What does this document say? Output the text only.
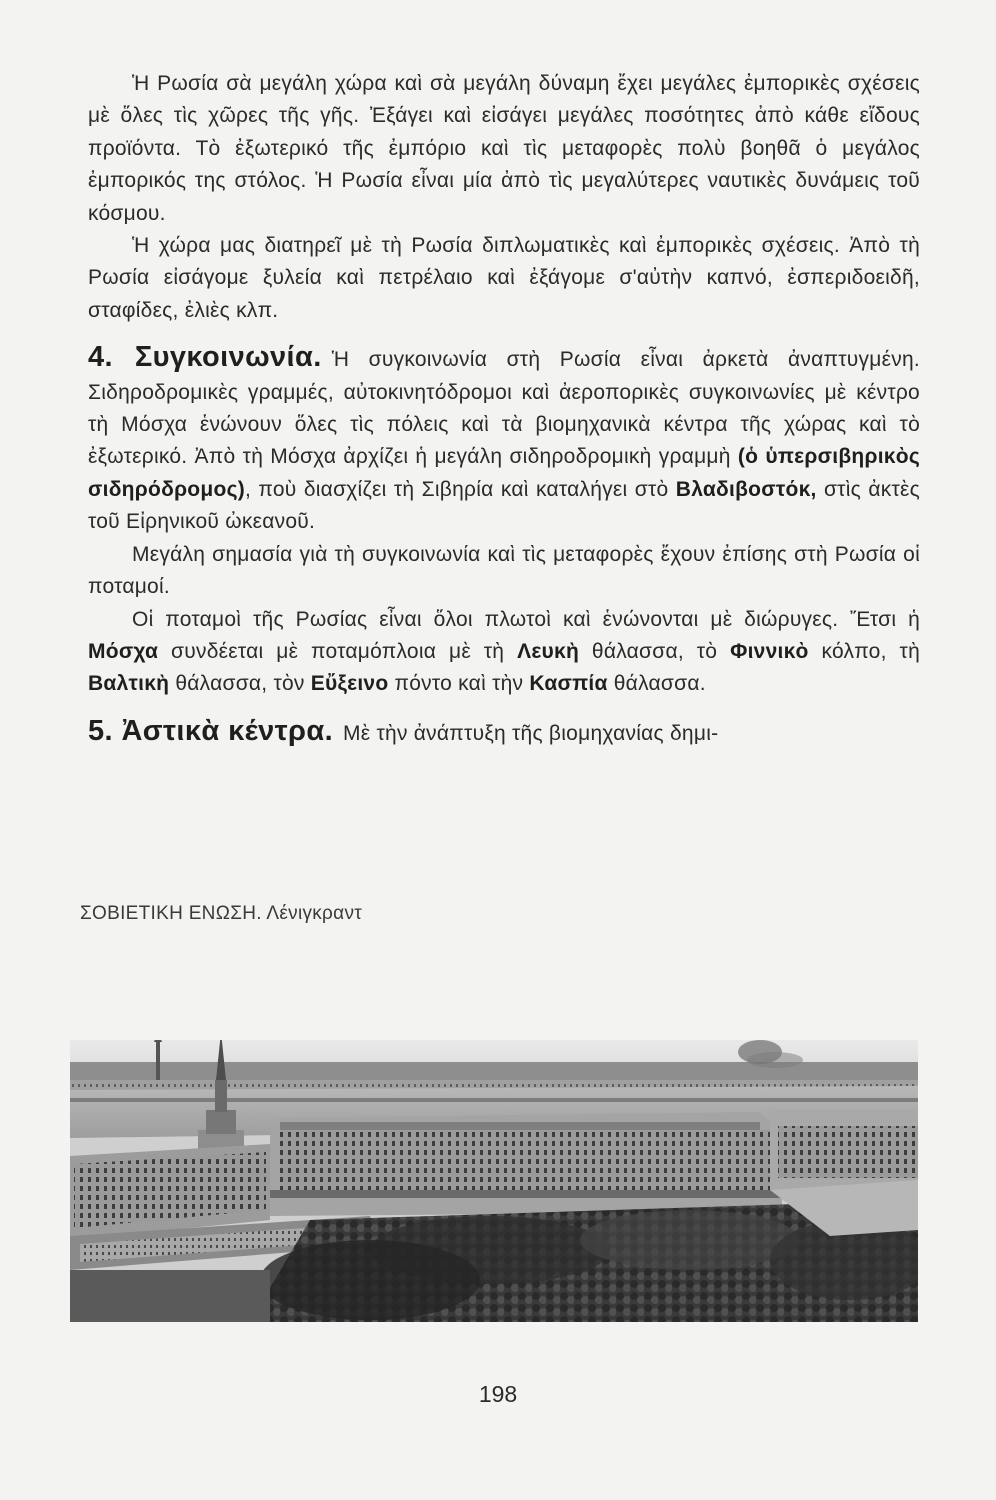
Ἡ Ρωσία σὰ μεγάλη χώρα καὶ σὰ μεγάλη δύναμη ἔχει μεγάλες ἐμπορικὲς σχέσεις μὲ ὅλες τὶς χῶρες τῆς γῆς. Ἐξάγει καὶ εἰσάγει μεγάλες ποσότητες ἀπὸ κάθε εἴδους προϊόντα. Τὸ ἐξωτερικό τῆς ἐμπόριο καὶ τὶς μεταφορὲς πολὺ βοηθᾶ ὁ μεγάλος ἐμπορικός της στόλος. Ἡ Ρωσία εἶναι μία ἀπὸ τὶς μεγαλύτερες ναυτικὲς δυνάμεις τοῦ κόσμου.

Ἡ χώρα μας διατηρεῖ μὲ τὴ Ρωσία διπλωματικὲς καὶ ἐμπορικὲς σχέσεις. Ἀπὸ τὴ Ρωσία εἰσάγομε ξυλεία καὶ πετρέλαιο καὶ ἐξάγομε σ'αὐτὴν καπνό, ἐσπεριδοειδῆ, σταφίδες, ἐλιὲς κλπ.

4. Συγκοινωνία. Ἡ συγκοινωνία στὴ Ρωσία εἶναι ἀρκετὰ ἀναπτυγμένη. Σιδηροδρομικὲς γραμμές, αὐτοκινητόδρομοι καὶ ἀεροπορικὲς συγκοινωνίες μὲ κέντρο τὴ Μόσχα ἑνώνουν ὅλες τὶς πόλεις καὶ τὰ βιομηχανικὰ κέντρα τῆς χώρας καὶ τὸ ἐξωτερικό. Ἀπὸ τὴ Μόσχα ἀρχίζει ἡ μεγάλη σιδηροδρομικὴ γραμμὴ (ὁ ὑπερσιβηρικὸς σιδηρόδρομος), ποὺ διασχίζει τὴ Σιβηρία καὶ καταλήγει στὸ Βλαδιβοστόκ, στὶς ἀκτὲς τοῦ Εἰρηνικοῦ ὠκεανοῦ.

Μεγάλη σημασία γιὰ τὴ συγκοινωνία καὶ τὶς μεταφορὲς ἔχουν ἐπίσης στὴ Ρωσία οἱ ποταμοί.

Οἱ ποταμοὶ τῆς Ρωσίας εἶναι ὅλοι πλωτοὶ καὶ ἑνώνονται μὲ διώρυγες. Ἔτσι ἡ Μόσχα συνδέεται μὲ ποταμόπλοια μὲ τὴ Λευκὴ θάλασσα, τὸ Φιννικὸ κόλπο, τὴ Βαλτικὴ θάλασσα, τὸν Εὔξεινο πόντο καὶ τὴν Κασπία θάλασσα.

5. Ἀστικὰ κέντρα. Μὲ τὴν ἀνάπτυξη τῆς βιομηχανίας δημι-

ΣΟΒΙΕΤΙΚΗ ΕΝΩΣΗ. Λένιγκραντ
198
